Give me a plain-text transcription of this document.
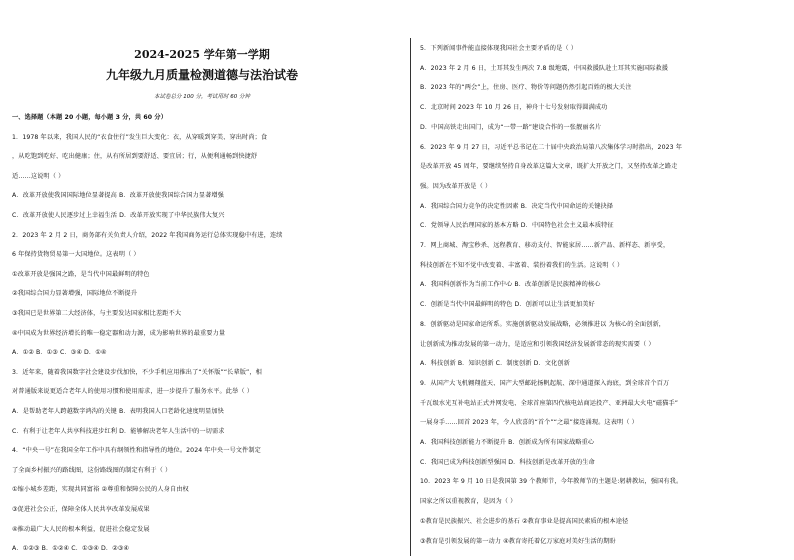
2024-2025 学年第一学期
九年级九月质量检测道德与法治试卷
本试卷总分 100 分，考试用时 60 分钟
一、选择题（本题 20 小题，每小题 3 分，共 60 分）
1．1978 年以来，我国人民的“衣食住行”发生巨大变化：衣，从穿暖到穿美、穿出时尚；食
，从吃饱到吃好、吃出健康；住，从有所居到要舒适、要宜居；行，从便利通畅到快捷舒
适……这说明（ ）
A．改革开放使我国国际地位显著提高 B．改革开放使我国综合国力显著增强
C．改革开放使人民逐步过上幸福生活 D．改革开放实现了中华民族伟大复兴
2．2023 年 2 月 2 日，商务部有关负责人介绍，2022 年我国商务运行总体实现稳中有进，连续
6 年保持货物贸易第一大国地位。这表明（ ）
①改革开放是强国之路，是当代中国最鲜明的特色
②我国综合国力显著增强，国际地位不断提升
③我国已是世界第二大经济体，与主要发达国家相比差距不大
④中国成为世界经济增长的唯一稳定器和动力源，成为影响世界的最重要力量
A．①② B．①③ C．③④ D．①④
3．近年来，随着我国数字社会建设步伐加快，不少手机应用推出了“关怀版”“长辈版”，相
对普通版来说更适合老年人的使用习惯和使用需求，进一步提升了服务水平。此举（ ）
A．是帮助老年人跨越数字鸿沟的关键 B．表明我国人口老龄化速度明显加快
C．有利于让老年人共享科技进步红利 D．能够解决老年人生活中的一切需求
4．“中央一号”在我国全年工作中具有纲领性和指导性的地位。2024 年中央一号文件制定
了全面乡村振兴的路线图，这份路线图的制定有利于（ ）
①缩小城乡差距，实现共同富裕 ②尊重和保障公民的人身自由权
③促进社会公正，保障全体人民共享改革发展成果
④推动最广大人民的根本利益，促进社会稳定发展
A．①②③ B．①②④ C．①③④ D．②③④
5．下列新闻事件能直接体现我国社会主要矛盾的是（ ）
A．2023 年 2 月 6 日，土耳其发生两次 7.8 级地震，中国救援队赴土耳其实施国际救援
B．2023 年的“两会”上，住房、医疗、物价等问题仍然引起百姓的极大关注
C．北京时间 2023 年 10 月 26 日，神舟十七号发射取得圆满成功
D．中国高铁走出国门，成为“一带一路”建设合作的一张靓丽名片
6．2023 年 9 月 27 日，习近平总书记在二十届中央政治局第八次集体学习时指出，2023 年
是改革开放 45 周年，要继续坚持自身改革这篇大文章，既扩大开放之门，又坚持改革之路走
强。因为改革开放是（ ）
A．我国综合国力竞争的决定性因素 B．决定当代中国命运的关键抉择
C．党领导人民治理国家的基本方略 D．中国特色社会主义最本质特征
7．网上商城、淘宝秒杀、远程教育、移动支付、智能家居……新产品、新样态、新享受，
科技创新在不知不觉中改变着、丰富着、装扮着我们的生活。这说明（ ）
A．我国科创新作为当前工作中心 B．改革创新是民族精神的核心
C．创新是当代中国最鲜明的特色 D．创新可以让生活更加美好
8．创新驱动是国家命运所系。实施创新驱动发展战略，必须推进以 为核心的全面创新，
让创新成为推动发展的第一动力，是适应和引领我国经济发展新常态的现实需要（ ）
A．科技创新 B．知识创新 C．制度创新 D．文化创新
9．从国产大飞机翱翔蓝天、国产大型邮轮扬帆起航、深中通道探入海底，到全球首个百万
千瓦级水光互补电站正式并网发电、全球首座第四代核电站商运投产、亚洲最大火电“磁猫手”
一展身手……回首 2023 年，令人欣喜的“首个”“之最”接连涌现。这表明（ ）
A．我国科技创新能力不断提升 B．创新成为所有国家战略重心
C．我国已成为科技创新型强国 D．科技创新是改革开放的生命
10．2023 年 9 月 10 日是我国第 39 个教师节，今年教师节的主题是:躬耕教坛，强国有我。
国家之所以重视教育，是因为（ ）
①教育是民族振兴、社会进步的基石 ②教育事业是提高国民素质的根本途径
③教育是引领发展的第一动力 ④教育寄托着亿万家庭对美好生活的期盼
